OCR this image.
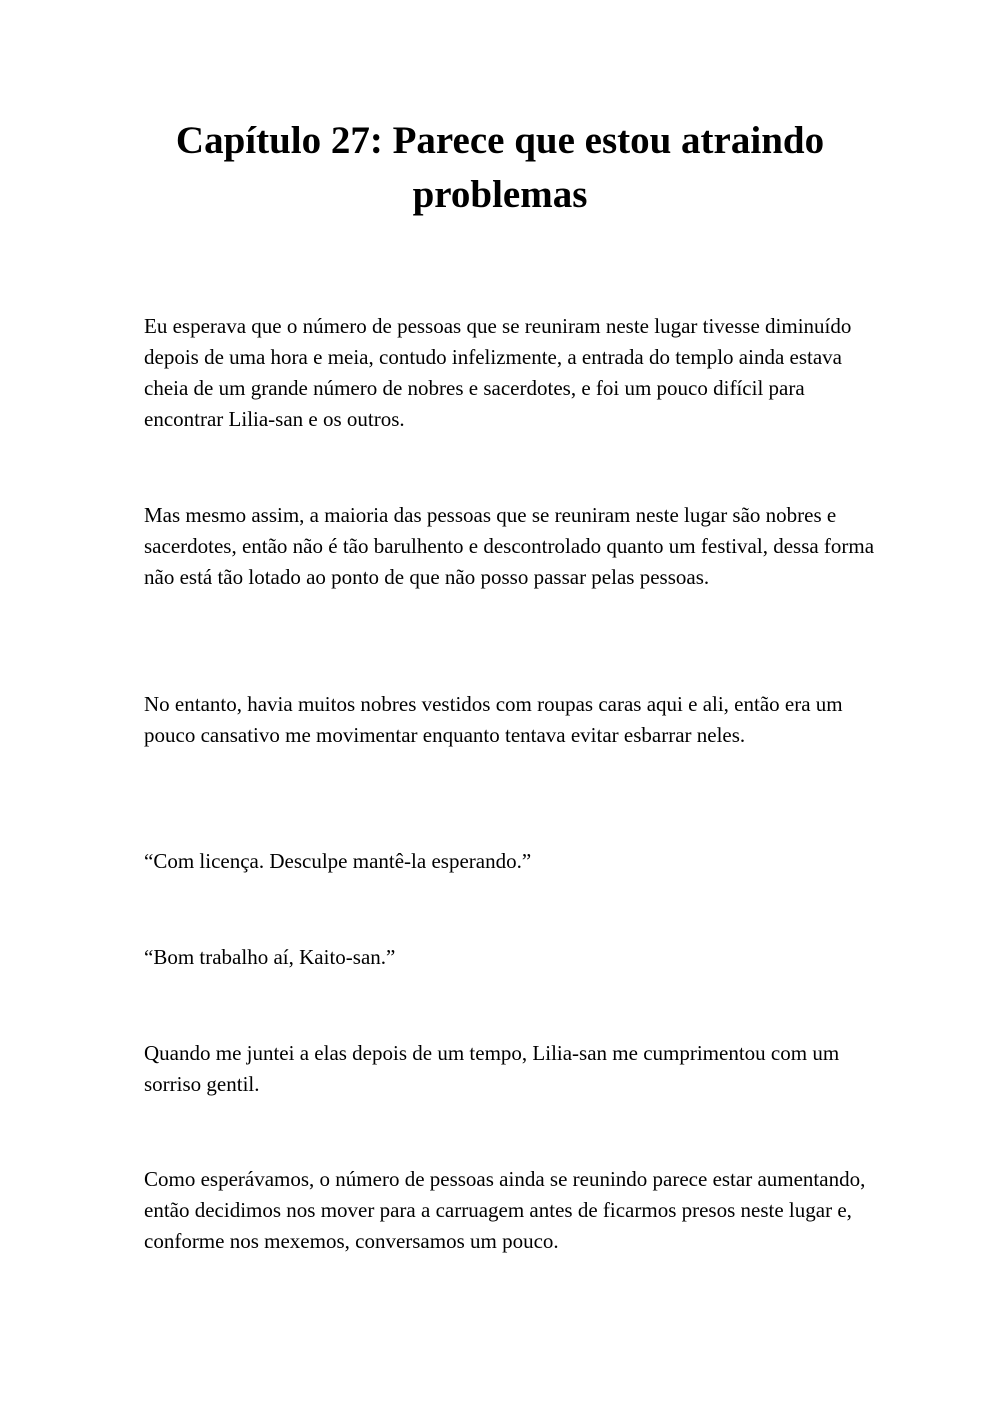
Capítulo 27: Parece que estou atraindo problemas

Eu esperava que o número de pessoas que se reuniram neste lugar tivesse diminuído depois de uma hora e meia, contudo infelizmente, a entrada do templo ainda estava cheia de um grande número de nobres e sacerdotes, e foi um pouco difícil para encontrar Lilia-san e os outros.

Mas mesmo assim, a maioria das pessoas que se reuniram neste lugar são nobres e sacerdotes, então não é tão barulhento e descontrolado quanto um festival, dessa forma não está tão lotado ao ponto de que não posso passar pelas pessoas.

No entanto, havia muitos nobres vestidos com roupas caras aqui e ali, então era um pouco cansativo me movimentar enquanto tentava evitar esbarrar neles.

“Com licença. Desculpe mantê-la esperando.”

“Bom trabalho aí, Kaito-san.”

Quando me juntei a elas depois de um tempo, Lilia-san me cumprimentou com um sorriso gentil.

Como esperávamos, o número de pessoas ainda se reunindo parece estar aumentando, então decidimos nos mover para a carruagem antes de ficarmos presos neste lugar e, conforme nos mexemos, conversamos um pouco.
